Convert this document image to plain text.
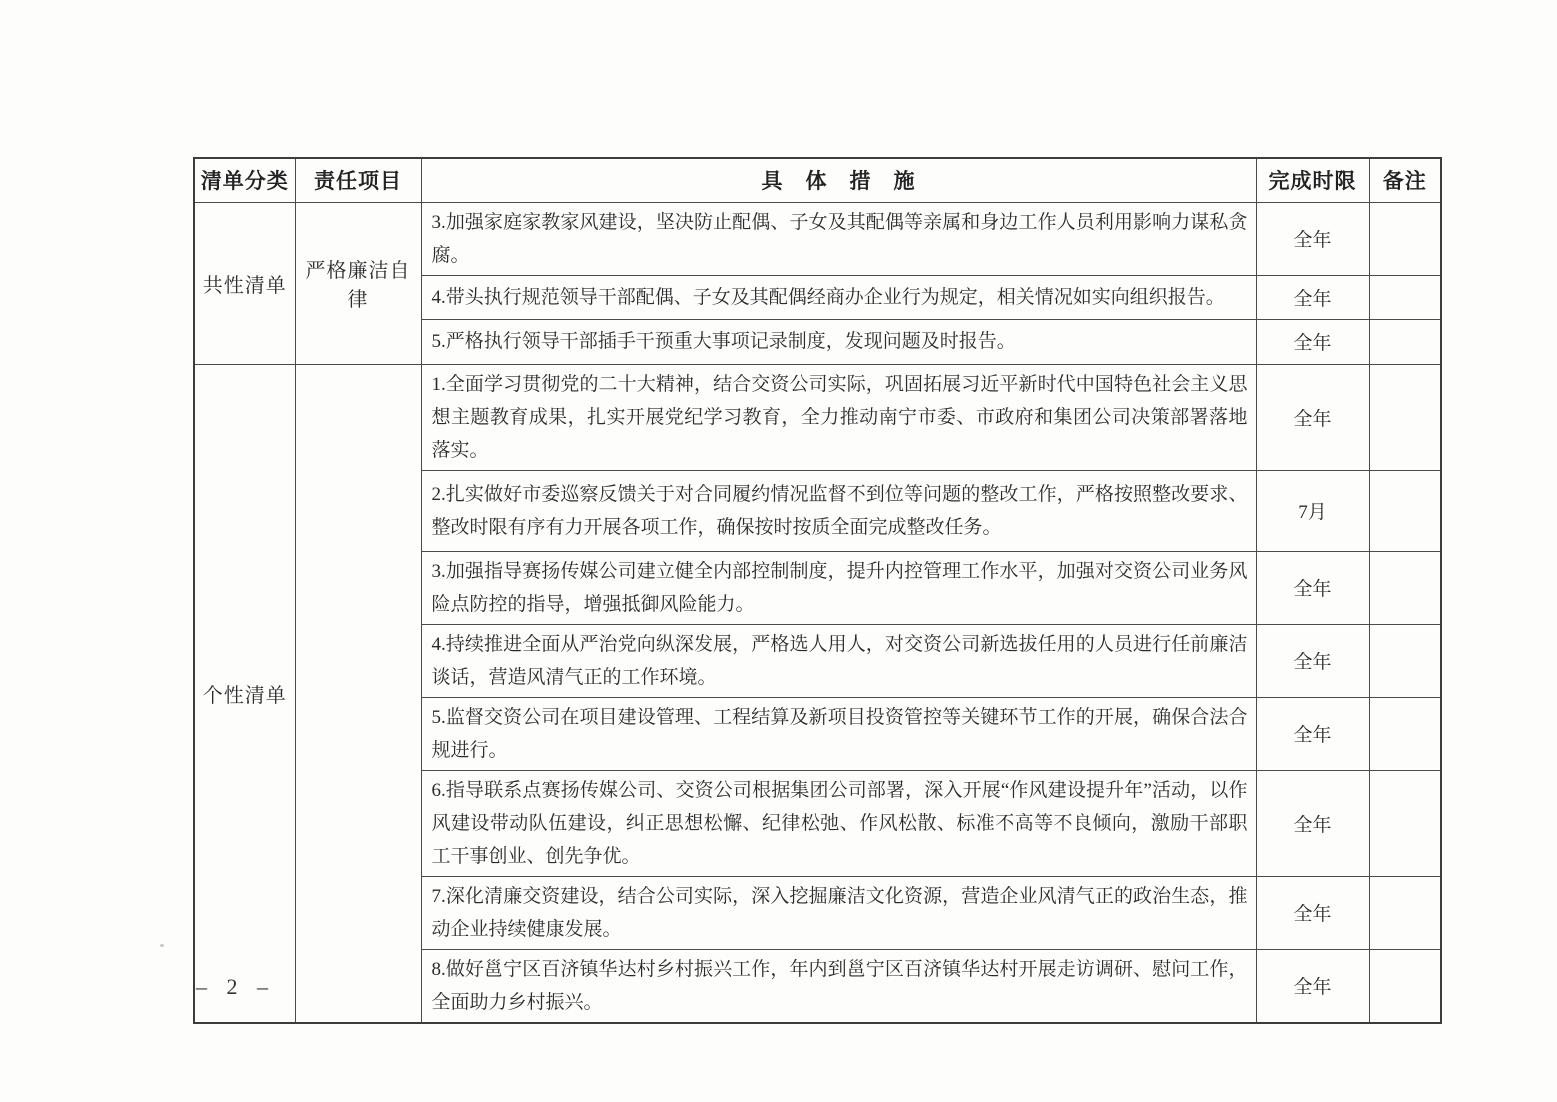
清单分类	责任项目	具　体　措　施	完成时限	备注
共性清单	严格廉洁自律	3.加强家庭家教家风建设，坚决防止配偶、子女及其配偶等亲属和身边工作人员利用影响力谋私贪腐。	全年	
		4.带头执行规范领导干部配偶、子女及其配偶经商办企业行为规定，相关情况如实向组织报告。	全年	
		5.严格执行领导干部插手干预重大事项记录制度，发现问题及时报告。	全年	
个性清单		1.全面学习贯彻党的二十大精神，结合交资公司实际，巩固拓展习近平新时代中国特色社会主义思想主题教育成果，扎实开展党纪学习教育，全力推动南宁市委、市政府和集团公司决策部署落地落实。	全年	
		2.扎实做好市委巡察反馈关于对合同履约情况监督不到位等问题的整改工作，严格按照整改要求、整改时限有序有力开展各项工作，确保按时按质全面完成整改任务。	7月	
		3.加强指导赛扬传媒公司建立健全内部控制制度，提升内控管理工作水平，加强对交资公司业务风险点防控的指导，增强抵御风险能力。	全年	
		4.持续推进全面从严治党向纵深发展，严格选人用人，对交资公司新选拔任用的人员进行任前廉洁谈话，营造风清气正的工作环境。	全年	
		5.监督交资公司在项目建设管理、工程结算及新项目投资管控等关键环节工作的开展，确保合法合规进行。	全年	
		6.指导联系点赛扬传媒公司、交资公司根据集团公司部署，深入开展“作风建设提升年”活动，以作风建设带动队伍建设，纠正思想松懈、纪律松弛、作风松散、标准不高等不良倾向，激励干部职工干事创业、创先争优。	全年	
		7.深化清廉交资建设，结合公司实际，深入挖掘廉洁文化资源，营造企业风清气正的政治生态，推动企业持续健康发展。	全年	
		8.做好邕宁区百济镇华达村乡村振兴工作，年内到邕宁区百济镇华达村开展走访调研、慰问工作，全面助力乡村振兴。	全年	
– 2 –
